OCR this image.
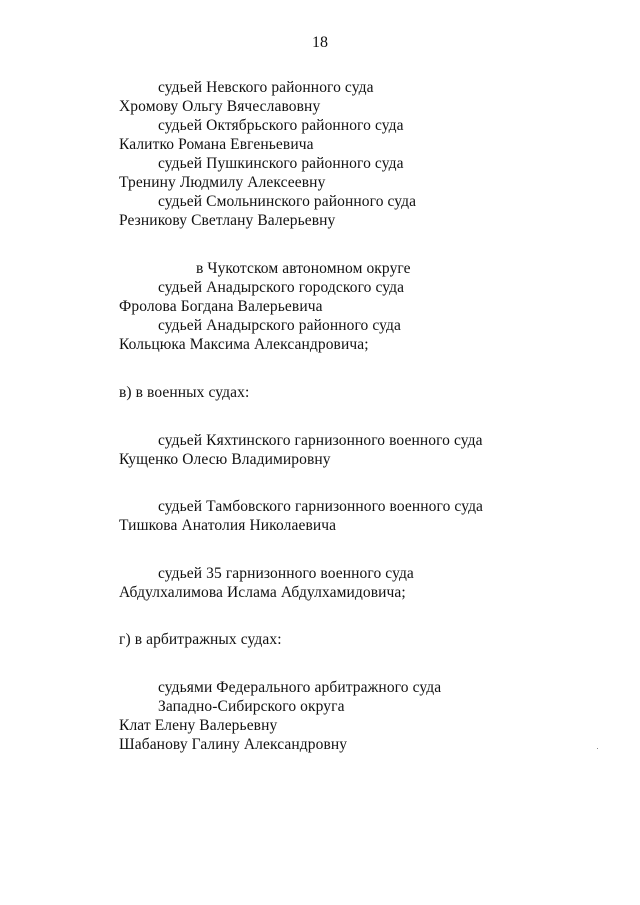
18
судьей Невского районного суда
Хромову Ольгу Вячеславовну
судьей Октябрьского районного суда
Калитко Романа Евгеньевича
судьей Пушкинского районного суда
Тренину Людмилу Алексеевну
судьей Смольнинского районного суда
Резникову Светлану Валерьевну
в Чукотском автономном округе
судьей Анадырского городского суда
Фролова Богдана Валерьевича
судьей Анадырского районного суда
Кольцюка Максима Александровича;
в) в военных судах:
судьей Кяхтинского гарнизонного военного суда
Кущенко Олесю Владимировну
судьей Тамбовского гарнизонного военного суда
Тишкова Анатолия Николаевича
судьей 35 гарнизонного военного суда
Абдулхалимова Ислама Абдулхамидовича;
г) в арбитражных судах:
судьями Федерального арбитражного суда
Западно-Сибирского округа
Клат Елену Валерьевну
Шабанову Галину Александровну
